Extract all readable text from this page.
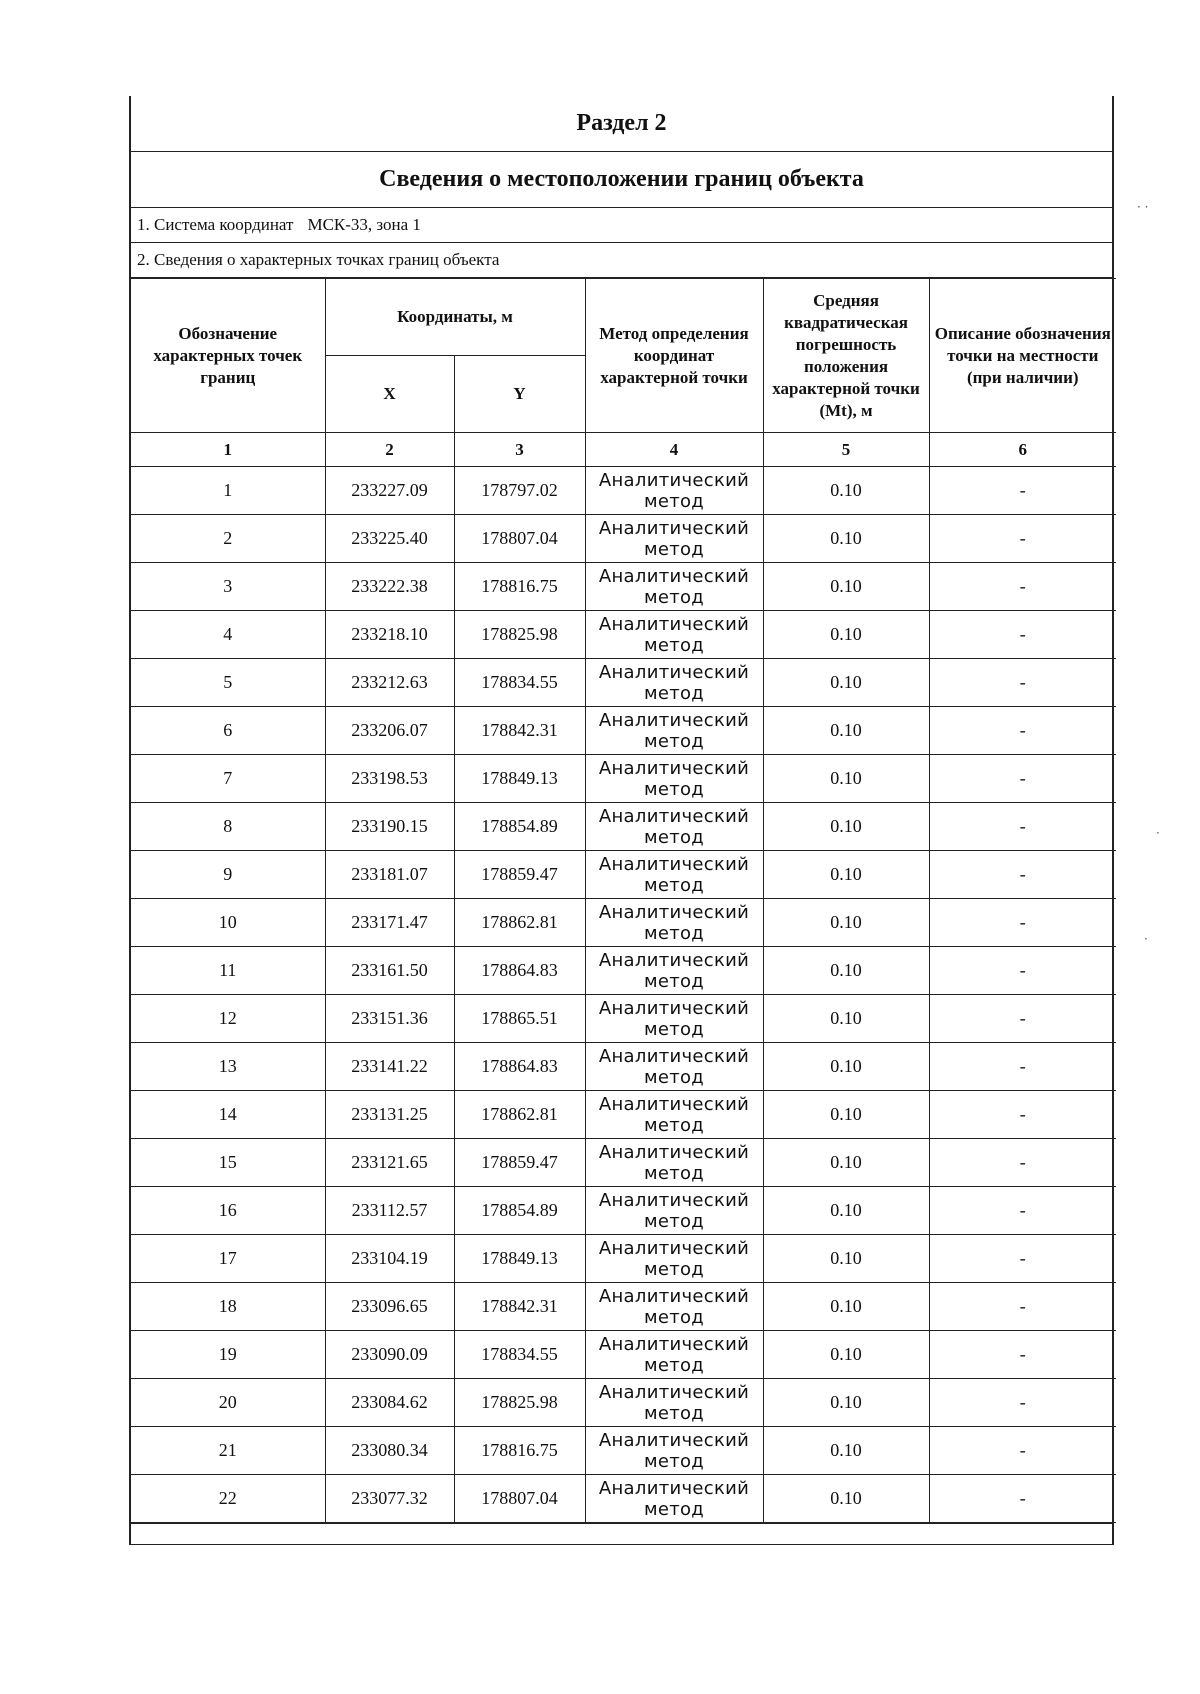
Раздел 2
Сведения о местоположении границ объекта
1. Система координат МСК-33, зона 1
2. Сведения о характерных точках границ объекта
Обозначение характерных точек границ	Координаты, м		Метод определения координат характерной точки	Средняя квадратическая погрешность положения характерной точки (Mt), м	Описание обозначения точки на местности (при наличии)
	X	Y			
1	2	3	4	5	6
1	233227.09	178797.02	Аналитический метод	0.10	-
2	233225.40	178807.04	Аналитический метод	0.10	-
3	233222.38	178816.75	Аналитический метод	0.10	-
4	233218.10	178825.98	Аналитический метод	0.10	-
5	233212.63	178834.55	Аналитический метод	0.10	-
6	233206.07	178842.31	Аналитический метод	0.10	-
7	233198.53	178849.13	Аналитический метод	0.10	-
8	233190.15	178854.89	Аналитический метод	0.10	-
9	233181.07	178859.47	Аналитический метод	0.10	-
10	233171.47	178862.81	Аналитический метод	0.10	-
11	233161.50	178864.83	Аналитический метод	0.10	-
12	233151.36	178865.51	Аналитический метод	0.10	-
13	233141.22	178864.83	Аналитический метод	0.10	-
14	233131.25	178862.81	Аналитический метод	0.10	-
15	233121.65	178859.47	Аналитический метод	0.10	-
16	233112.57	178854.89	Аналитический метод	0.10	-
17	233104.19	178849.13	Аналитический метод	0.10	-
18	233096.65	178842.31	Аналитический метод	0.10	-
19	233090.09	178834.55	Аналитический метод	0.10	-
20	233084.62	178825.98	Аналитический метод	0.10	-
21	233080.34	178816.75	Аналитический метод	0.10	-
22	233077.32	178807.04	Аналитический метод	0.10	-
· ·
·
·
